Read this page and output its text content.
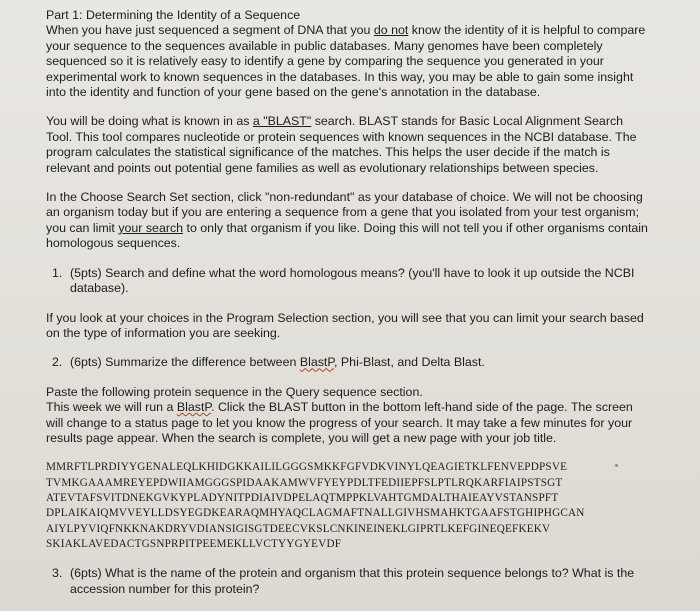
Part 1: Determining the Identity of a Sequence

When you have just sequenced a segment of DNA that you do not know the identity of it is helpful to compare your sequence to the sequences available in public databases. Many genomes have been completely sequenced so it is relatively easy to identify a gene by comparing the sequence you generated in your experimental work to known sequences in the databases. In this way, you may be able to gain some insight into the identity and function of your gene based on the gene's annotation in the database.

You will be doing what is known in as a "BLAST" search. BLAST stands for Basic Local Alignment Search Tool. This tool compares nucleotide or protein sequences with known sequences in the NCBI database. The program calculates the statistical significance of the matches. This helps the user decide if the match is relevant and points out potential gene families as well as evolutionary relationships between species.

In the Choose Search Set section, click "non-redundant" as your database of choice. We will not be choosing an organism today but if you are entering a sequence from a gene that you isolated from your test organism; you can limit your search to only that organism if you like. Doing this will not tell you if other organisms contain homologous sequences.

1. (5pts) Search and define what the word homologous means? (you'll have to look it up outside the NCBI database).

If you look at your choices in the Program Selection section, you will see that you can limit your search based on the type of information you are seeking.

2. (6pts) Summarize the difference between BlastP, Phi-Blast, and Delta Blast.

Paste the following protein sequence in the Query sequence section.
This week we will run a BlastP. Click the BLAST button in the bottom left-hand side of the page. The screen will change to a status page to let you know the progress of your search. It may take a few minutes for your results page appear. When the search is complete, you will get a new page with your job title.

MMRFTLPRDIYYGENALEQLKHIDGKKAILILGGGSMKKFGFVDKVINYLQEAGIETKLFENVEPDPSVE
TVMKGAAAMREYEPDWIIAMGGGSPIDAAKAMWVFYEYPDLTFEDIIEPFSLPTLRQKARFIAIPSTSGT
ATEVTAFSVITDNEKGVKYPLADYNITPDIAIVDPELAQTMPPKLVAHTGMDALTHAIEAYVSTANSPFT
DPLAIKAIQMVVEYLLDSYEGDKEARAQMHYAQCLAGMAFTNALLGIVHSMAHKTGAAFSTGHIPHGCAN
AIYLPYVIQFNKKNAKDRYVDIANSIGISGTDEECVKSLCNKINEINEKLGIPRTLKEFGINEQEFKEKV
SKIAKLAVEDACTGSNPRPITPEEMEKLLVCTYYGYEVDF

3. (6pts) What is the name of the protein and organism that this protein sequence belongs to? What is the accession number for this protein?
